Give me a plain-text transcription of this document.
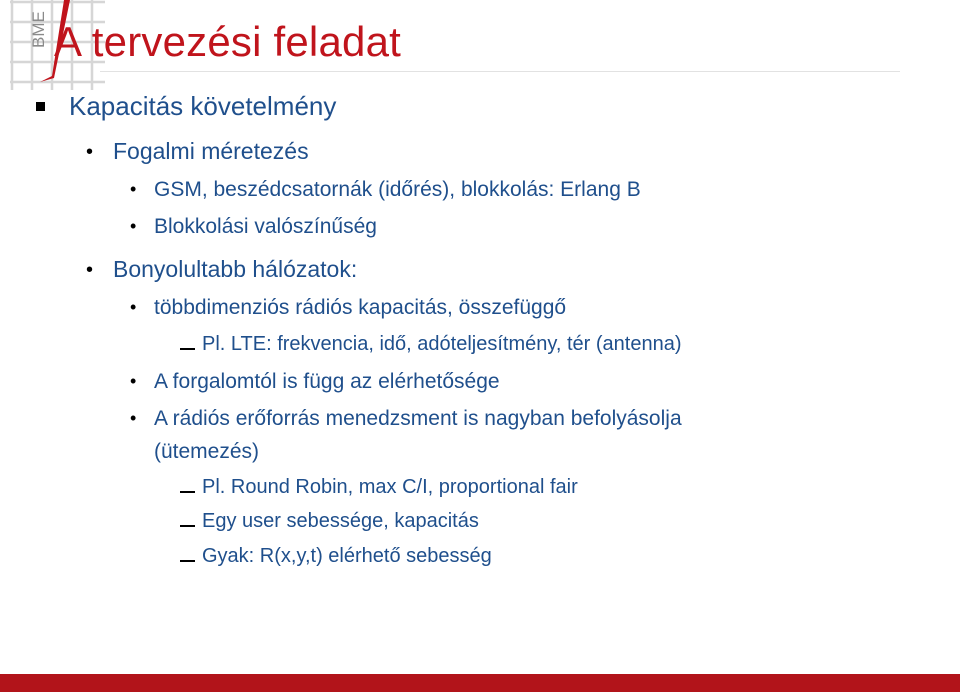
BME A tervezési feladat
Kapacitás követelmény
• Fogalmi méretezés
• GSM, beszédcsatornák (időrés), blokkolás: Erlang B
• Blokkolási valószínűség
• Bonyolultabb hálózatok:
• többdimenziós rádiós kapacitás, összefüggő
Pl. LTE: frekvencia, idő, adóteljesítmény, tér (antenna)
• A forgalomtól is függ az elérhetősége
• A rádiós erőforrás menedzsment is nagyban befolyásolja
(ütemezés)
Pl. Round Robin, max C/I, proportional fair
Egy user sebessége, kapacitás
Gyak: R(x,y,t) elérhető sebesség
